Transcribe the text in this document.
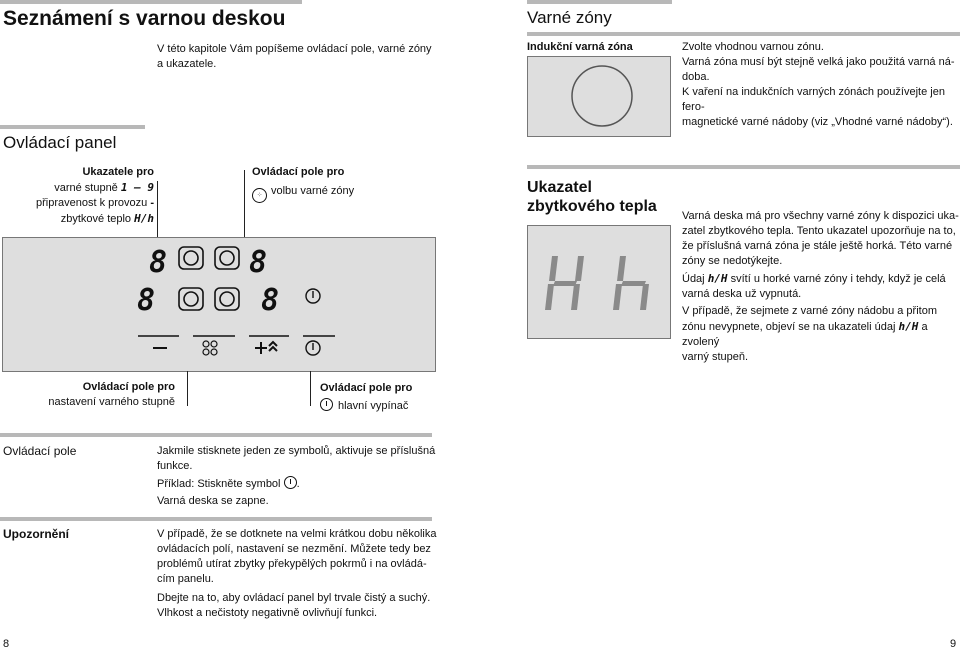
Seznámení s varnou deskou
V této kapitole Vám popíšeme ovládací pole, varné zóny
a ukazatele.
Ovládací panel
Ukazatele pro
varné stupně 1 – 9
připravenost k provozu -
zbytkové teplo H/h
Ovládací pole pro
⁘ volbu varné zóny
8	8
8	8
Ovládací pole pro
nastavení varného stupně
Ovládací pole pro
hlavní vypínač
Ovládací pole	Jakmile stisknete jeden ze symbolů, aktivuje se příslušná
funkce.
Příklad: Stiskněte symbol .
Varná deska se zapne.
Upozornění	V případě, že se dotknete na velmi krátkou dobu několika
ovládacích polí, nastavení se nezmění. Můžete tedy bez
problémů utírat zbytky překypělých pokrmů i na ovládá-
cím panelu.
Dbejte na to, aby ovládací panel byl trvale čistý a suchý.
Vlhkost a nečistoty negativně ovlivňují funkci.
8
Varné zóny
Indukční varná zóna	Zvolte vhodnou varnou zónu.
Varná zóna musí být stejně velká jako použitá varná ná-
doba.
K vaření na indukčních varných zónách používejte jen fero-
magnetické varné nádoby (viz „Vhodné varné nádoby“).
Ukazatel
zbytkového tepla
Varná deska má pro všechny varné zóny k dispozici uka-
zatel zbytkového tepla. Tento ukazatel upozorňuje na to,
že příslušná varná zóna je stále ještě horká. Této varné
zóny se nedotýkejte.
Údaj h/H svítí u horké varné zóny i tehdy, když je celá
varná deska už vypnutá.
V případě, že sejmete z varné zóny nádobu a přitom
zónu nevypnete, objeví se na ukazateli údaj h/H a zvolený
varný stupeň.
9
